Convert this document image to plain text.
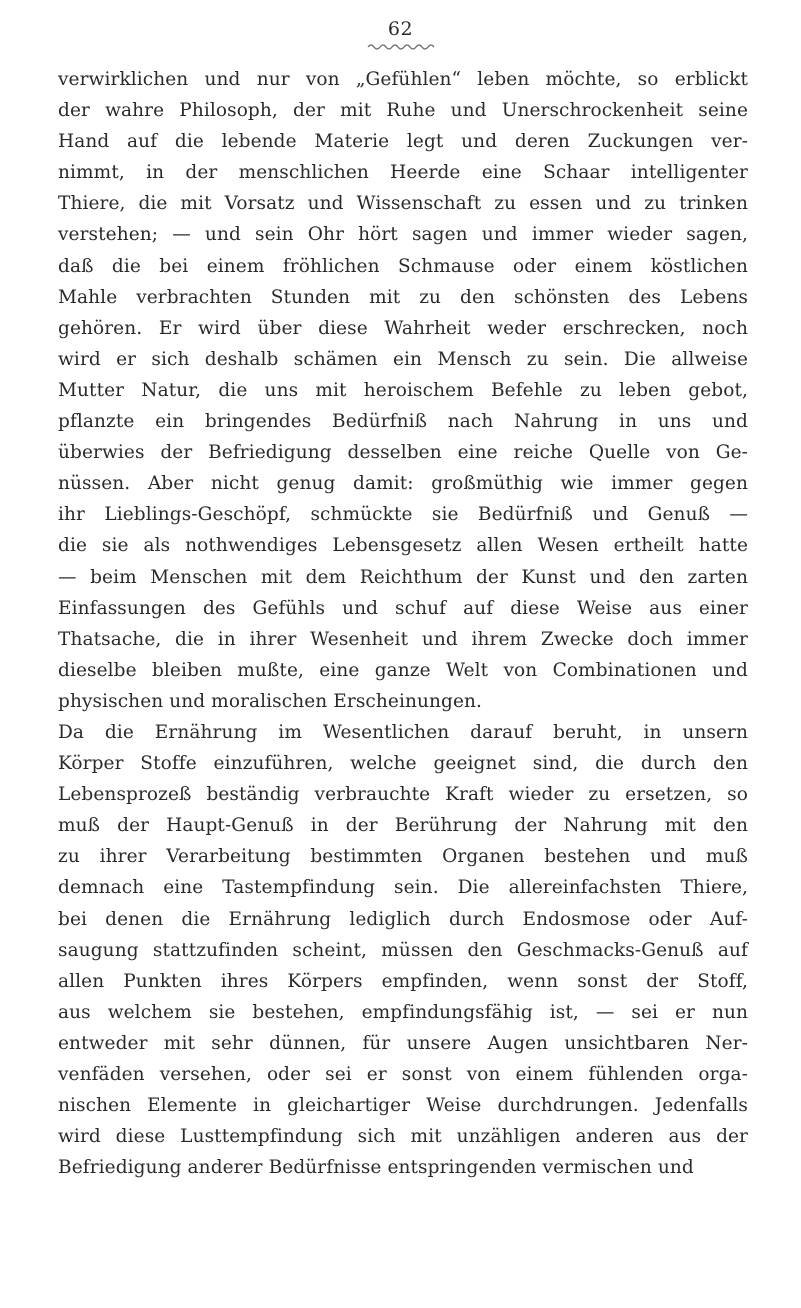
62
verwirklichen und nur von „Gefühlen“ leben möchte, so erblickt
der wahre Philosoph, der mit Ruhe und Unerschrockenheit seine
Hand auf die lebende Materie legt und deren Zuckungen ver-
nimmt, in der menschlichen Heerde eine Schaar intelligenter
Thiere, die mit Vorsatz und Wissenschaft zu essen und zu trinken
verstehen; — und sein Ohr hört sagen und immer wieder sagen,
daß die bei einem fröhlichen Schmause oder einem köstlichen
Mahle verbrachten Stunden mit zu den schönsten des Lebens
gehören. Er wird über diese Wahrheit weder erschrecken, noch
wird er sich deshalb schämen ein Mensch zu sein. Die allweise
Mutter Natur, die uns mit heroischem Befehle zu leben gebot,
pflanzte ein bringendes Bedürfniß nach Nahrung in uns und
überwies der Befriedigung desselben eine reiche Quelle von Ge-
nüssen. Aber nicht genug damit: großmüthig wie immer gegen
ihr Lieblings-Geschöpf, schmückte sie Bedürfniß und Genuß —
die sie als nothwendiges Lebensgesetz allen Wesen ertheilt hatte
— beim Menschen mit dem Reichthum der Kunst und den zarten
Einfassungen des Gefühls und schuf auf diese Weise aus einer
Thatsache, die in ihrer Wesenheit und ihrem Zwecke doch immer
dieselbe bleiben mußte, eine ganze Welt von Combinationen und
physischen und moralischen Erscheinungen.
Da die Ernährung im Wesentlichen darauf beruht, in unsern
Körper Stoffe einzuführen, welche geeignet sind, die durch den
Lebensprozeß beständig verbrauchte Kraft wieder zu ersetzen, so
muß der Haupt-Genuß in der Berührung der Nahrung mit den
zu ihrer Verarbeitung bestimmten Organen bestehen und muß
demnach eine Tastempfindung sein. Die allereinfachsten Thiere,
bei denen die Ernährung lediglich durch Endosmose oder Auf-
saugung stattzufinden scheint, müssen den Geschmacks-Genuß auf
allen Punkten ihres Körpers empfinden, wenn sonst der Stoff,
aus welchem sie bestehen, empfindungsfähig ist, — sei er nun
entweder mit sehr dünnen, für unsere Augen unsichtbaren Ner-
venfäden versehen, oder sei er sonst von einem fühlenden orga-
nischen Elemente in gleichartiger Weise durchdrungen. Jedenfalls
wird diese Lusttempfindung sich mit unzähligen anderen aus der
Befriedigung anderer Bedürfnisse entspringenden vermischen und
